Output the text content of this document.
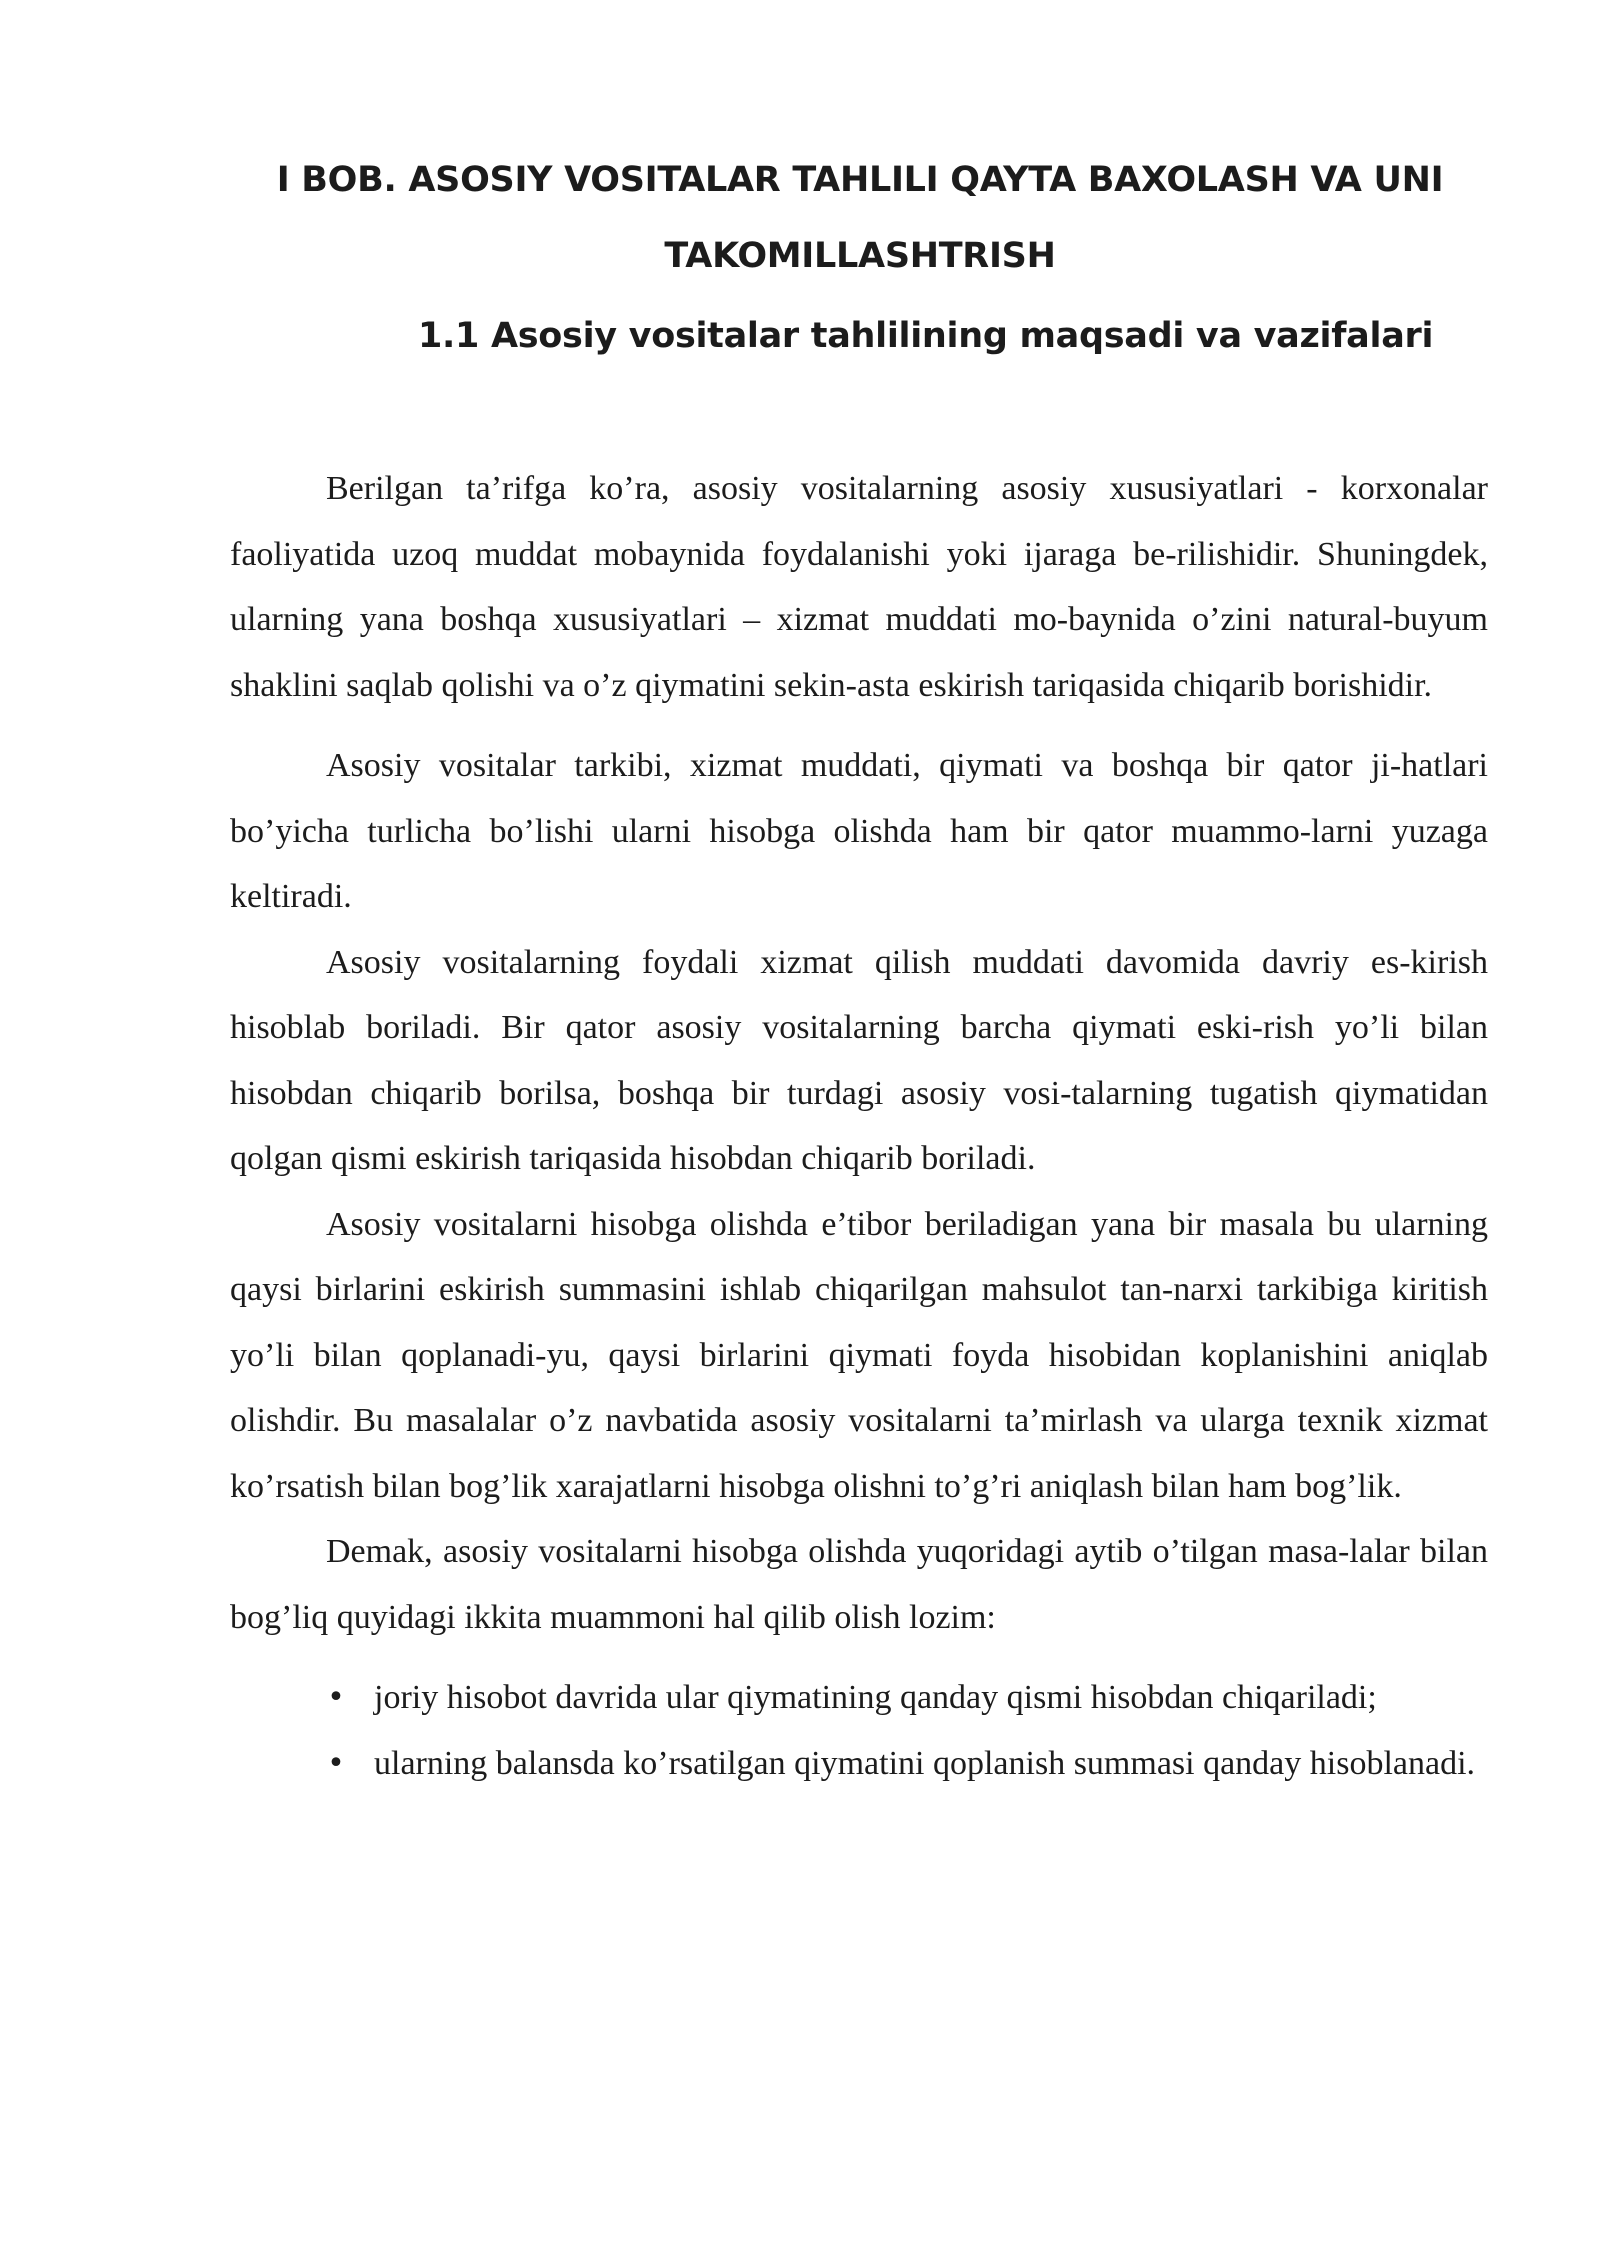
I BOB. ASOSIY VOSITALAR TAHLILI QAYTA BAXOLASH VA UNI TAKOMILLASHTRISH
1.1 Asosiy vositalar tahlilining maqsadi va vazifalari

Berilgan ta’rifga ko’ra, asosiy vositalarning asosiy xususiyatlari - korxonalar faoliyatida uzoq muddat mobaynida foydalanishi yoki ijaraga be-rilishidir. Shuningdek, ularning yana boshqa xususiyatlari – xizmat muddati mo-baynida o’zini natural-buyum shaklini saqlab qolishi va o’z qiymatini sekin-asta eskirish tariqasida chiqarib borishidir.

Asosiy vositalar tarkibi, xizmat muddati, qiymati va boshqa bir qator ji-hatlari bo’yicha turlicha bo’lishi ularni hisobga olishda ham bir qator muammo-larni yuzaga keltiradi.

Asosiy vositalarning foydali xizmat qilish muddati davomida davriy es-kirish hisoblab boriladi. Bir qator asosiy vositalarning barcha qiymati eski-rish yo’li bilan hisobdan chiqarib borilsa, boshqa bir turdagi asosiy vosi-talarning tugatish qiymatidan qolgan qismi eskirish tariqasida hisobdan chiqarib boriladi.

Asosiy vositalarni hisobga olishda e’tibor beriladigan yana bir masala bu ularning qaysi birlarini eskirish summasini ishlab chiqarilgan mahsulot tan-narxi tarkibiga kiritish yo’li bilan qoplanadi-yu, qaysi birlarini qiymati foyda hisobidan koplanishini aniqlab olishdir. Bu masalalar o’z navbatida asosiy vositalarni ta’mirlash va ularga texnik xizmat ko’rsatish bilan bog’lik xarajatlarni hisobga olishni to’g’ri aniqlash bilan ham bog’lik.

Demak, asosiy vositalarni hisobga olishda yuqoridagi aytib o’tilgan masa-lalar bilan bog’liq quyidagi ikkita muammoni hal qilib olish lozim:

• joriy hisobot davrida ular qiymatining qanday qismi hisobdan chiqariladi;
• ularning balansda ko’rsatilgan qiymatini qoplanish summasi qanday hisoblanadi.
